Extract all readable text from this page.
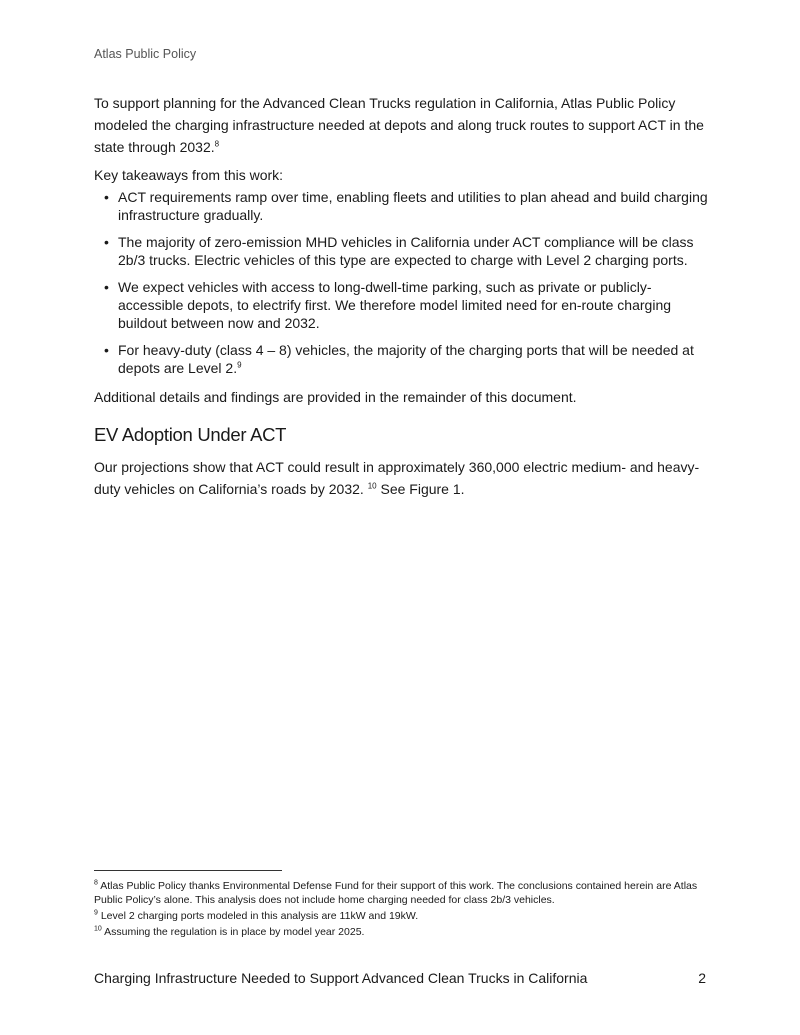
Atlas Public Policy

To support planning for the Advanced Clean Trucks regulation in California, Atlas Public Policy modeled the charging infrastructure needed at depots and along truck routes to support ACT in the state through 2032.$^8$

Key takeaways from this work:

• ACT requirements ramp over time, enabling fleets and utilities to plan ahead and build charging infrastructure gradually.
• The majority of zero-emission MHD vehicles in California under ACT compliance will be class 2b/3 trucks. Electric vehicles of this type are expected to charge with Level 2 charging ports.
• We expect vehicles with access to long-dwell-time parking, such as private or publicly-accessible depots, to electrify first. We therefore model limited need for en-route charging buildout between now and 2032.
• For heavy-duty (class 4 – 8) vehicles, the majority of the charging ports that will be needed at depots are Level 2.$^9$

Additional details and findings are provided in the remainder of this document.

EV Adoption Under ACT

Our projections show that ACT could result in approximately 360,000 electric medium- and heavy-duty vehicles on California’s roads by 2032. $^{10}$ See Figure 1.

$^8$ Atlas Public Policy thanks Environmental Defense Fund for their support of this work. The conclusions contained herein are Atlas Public Policy’s alone. This analysis does not include home charging needed for class 2b/3 vehicles.

$^9$ Level 2 charging ports modeled in this analysis are 11kW and 19kW.

$^{10}$ Assuming the regulation is in place by model year 2025.

Charging Infrastructure Needed to Support Advanced Clean Trucks in California	2
